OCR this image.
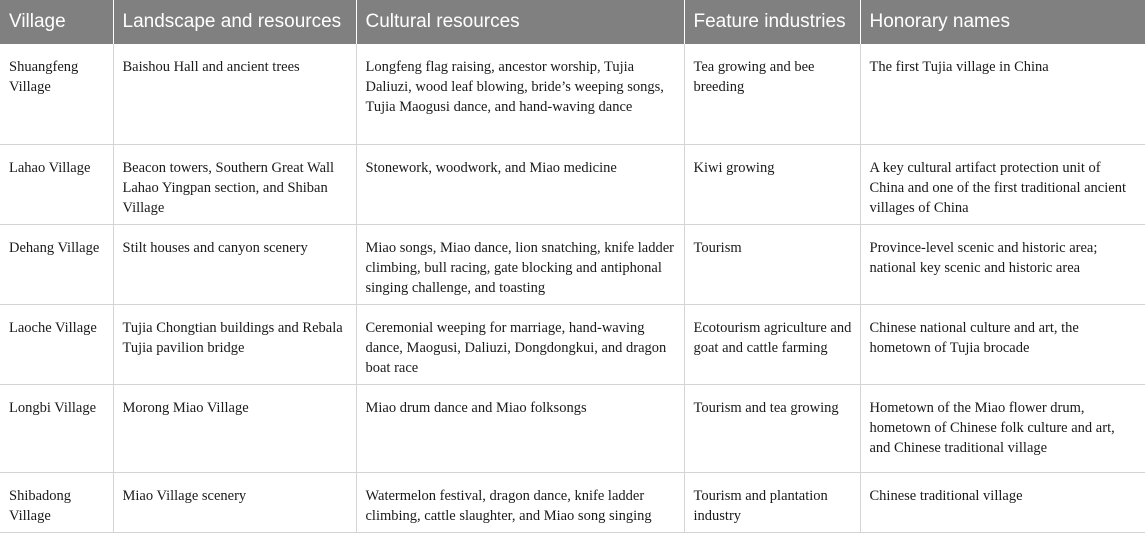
Village	Landscape and resources	Cultural resources	Feature industries	Honorary names
Shuangfeng Village	Baishou Hall and ancient trees	Longfeng flag raising, ancestor worship, Tujia Daliuzi, wood leaf blowing, bride’s weeping songs, Tujia Maogusi dance, and hand-waving dance	Tea growing and bee breeding	The first Tujia village in China
Lahao Village	Beacon towers, Southern Great Wall Lahao Yingpan section, and Shiban Village	Stonework, woodwork, and Miao medicine	Kiwi growing	A key cultural artifact protection unit of China and one of the first traditional ancient villages of China
Dehang Village	Stilt houses and canyon scenery	Miao songs, Miao dance, lion snatching, knife ladder climbing, bull racing, gate blocking and antiphonal singing challenge, and toasting	Tourism	Province-level scenic and historic area; national key scenic and historic area
Laoche Village	Tujia Chongtian buildings and Rebala Tujia pavilion bridge	Ceremonial weeping for marriage, hand-waving dance, Maogusi, Daliuzi, Dongdongkui, and dragon boat race	Ecotourism agriculture and goat and cattle farming	Chinese national culture and art, the hometown of Tujia brocade
Longbi Village	Morong Miao Village	Miao drum dance and Miao folksongs	Tourism and tea growing	Hometown of the Miao flower drum, hometown of Chinese folk culture and art, and Chinese traditional village
Shibadong Village	Miao Village scenery	Watermelon festival, dragon dance, knife ladder climbing, cattle slaughter, and Miao song singing	Tourism and plantation industry	Chinese traditional village
